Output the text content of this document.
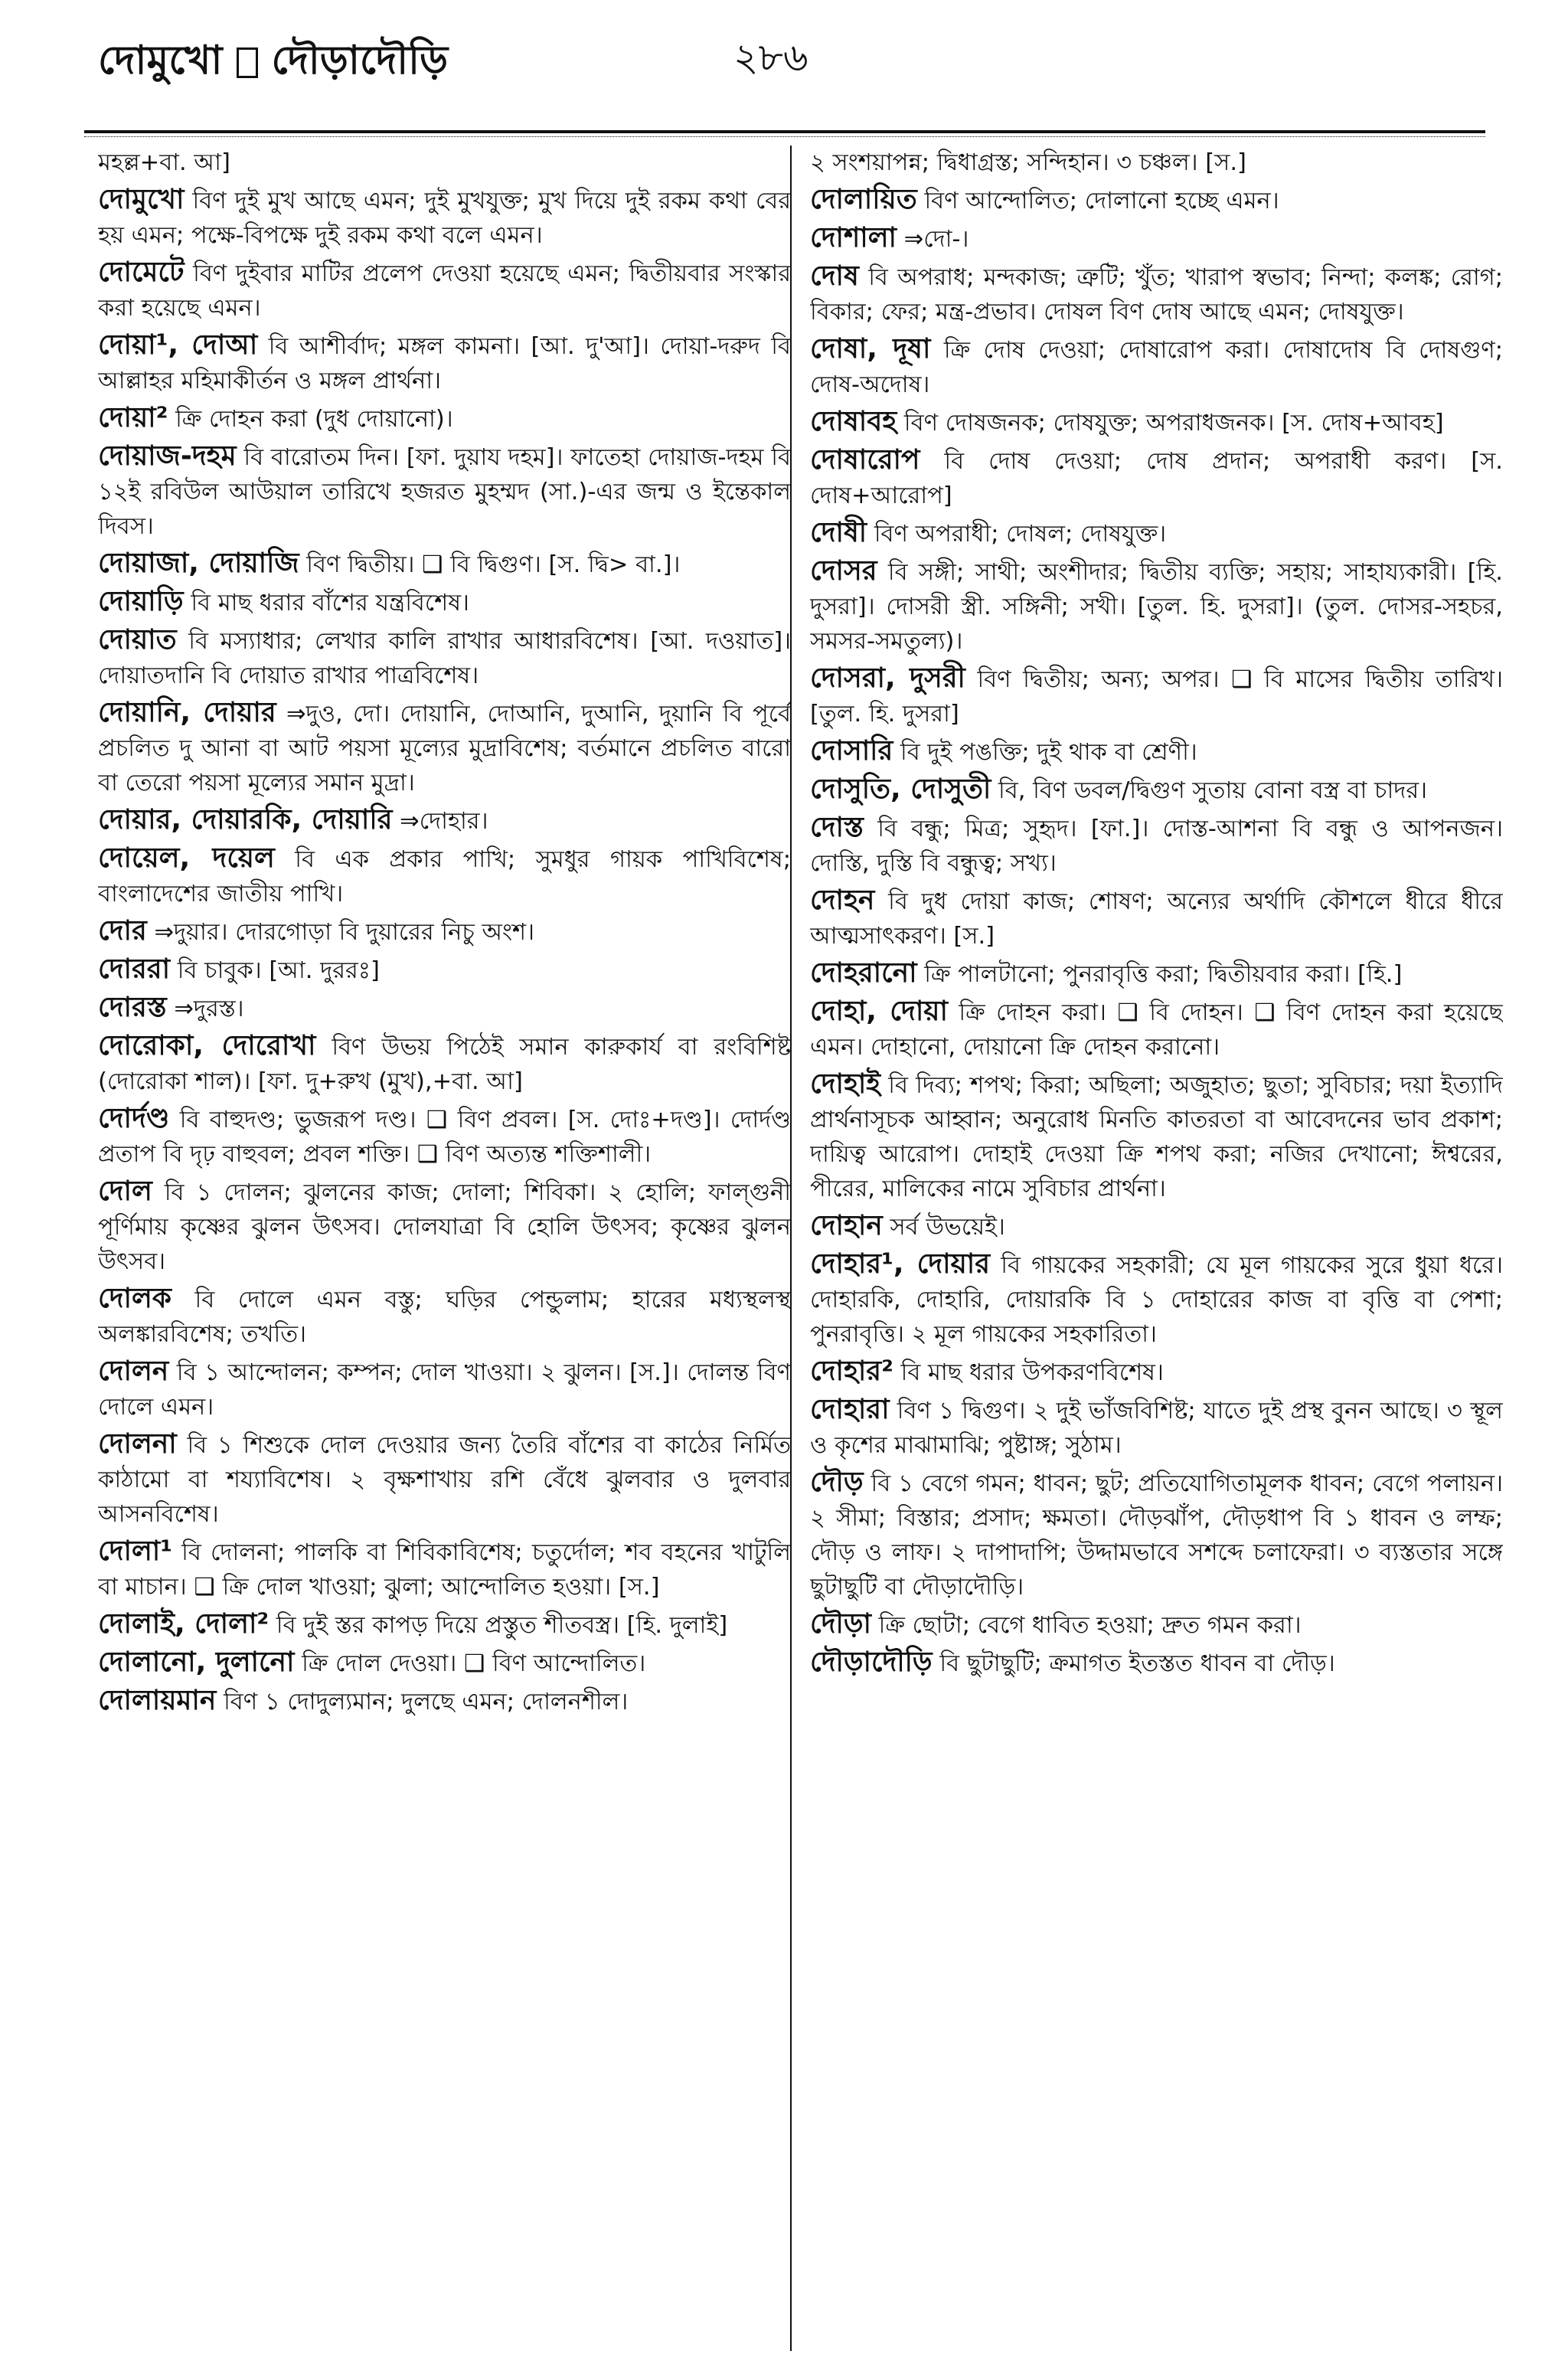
দোমুখো দৌড়াদৌড়ি	২৮৬
মহল্ল+বা. আ]
দোমুখো বিণ দুই মুখ আছে এমন; দুই মুখযুক্ত; মুখ দিয়ে দুই রকম কথা বের হয় এমন; পক্ষে-বিপক্ষে দুই রকম কথা বলে এমন।
দোমেটে বিণ দুইবার মাটির প্রলেপ দেওয়া হয়েছে এমন; দ্বিতীয়বার সংস্কার করা হয়েছে এমন।
দোয়া¹, দোআ বি আশীর্বাদ; মঙ্গল কামনা। [আ. দু'আ]। দোয়া-দরুদ বি আল্লাহর মহিমাকীর্তন ও মঙ্গল প্রার্থনা।
দোয়া² ক্রি দোহন করা (দুধ দোয়ানো)।
দোয়াজ-দহম বি বারোতম দিন। [ফা. দুয়ায দহম]। ফাতেহা দোয়াজ-দহম বি ১২ই রবিউল আউয়াল তারিখে হজরত মুহম্মদ (সা.)-এর জন্ম ও ইন্তেকাল দিবস।
দোয়াজা, দোয়াজি বিণ দ্বিতীয়। ❑ বি দ্বিগুণ। [স. দ্বি> বা.]।
দোয়াড়ি বি মাছ ধরার বাঁশের যন্ত্রবিশেষ।
দোয়াত বি মস্যাধার; লেখার কালি রাখার আধারবিশেষ। [আ. দওয়াত]। দোয়াতদানি বি দোয়াত রাখার পাত্রবিশেষ।
দোয়ানি, দোয়ার ⇒দুও, দো। দোয়ানি, দোআনি, দুআনি, দুয়ানি বি পূর্বে প্রচলিত দু আনা বা আট পয়সা মূল্যের মুদ্রাবিশেষ; বর্তমানে প্রচলিত বারো বা তেরো পয়সা মূল্যের সমান মুদ্রা।
দোয়ার, দোয়ারকি, দোয়ারি ⇒দোহার।
দোয়েল, দয়েল বি এক প্রকার পাখি; সুমধুর গায়ক পাখিবিশেষ; বাংলাদেশের জাতীয় পাখি।
দোর ⇒দুয়ার। দোরগোড়া বি দুয়ারের নিচু অংশ।
দোররা বি চাবুক। [আ. দুররঃ]
দোরস্ত ⇒দুরস্ত।
দোরোকা, দোরোখা বিণ উভয় পিঠেই সমান কারুকার্য বা রংবিশিষ্ট (দোরোকা শাল)। [ফা. দু+রুখ (মুখ),+বা. আ]
দোর্দণ্ড বি বাহুদণ্ড; ভুজরূপ দণ্ড। ❑ বিণ প্রবল। [স. দোঃ+দণ্ড]। দোর্দণ্ড প্রতাপ বি দৃঢ় বাহুবল; প্রবল শক্তি। ❑ বিণ অত্যন্ত শক্তিশালী।
দোল বি ১ দোলন; ঝুলনের কাজ; দোলা; শিবিকা। ২ হোলি; ফাল্গুনী পূর্ণিমায় কৃষ্ণের ঝুলন উৎসব। দোলযাত্রা বি হোলি উৎসব; কৃষ্ণের ঝুলন উৎসব।
দোলক বি দোলে এমন বস্তু; ঘড়ির পেন্ডুলাম; হারের মধ্যস্থলস্থ অলঙ্কারবিশেষ; তখতি।
দোলন বি ১ আন্দোলন; কম্পন; দোল খাওয়া। ২ ঝুলন। [স.]। দোলন্ত বিণ দোলে এমন।
দোলনা বি ১ শিশুকে দোল দেওয়ার জন্য তৈরি বাঁশের বা কাঠের নির্মিত কাঠামো বা শয্যাবিশেষ। ২ বৃক্ষশাখায় রশি বেঁধে ঝুলবার ও দুলবার আসনবিশেষ।
দোলা¹ বি দোলনা; পালকি বা শিবিকাবিশেষ; চতুর্দোল; শব বহনের খাটুলি বা মাচান। ❑ ক্রি দোল খাওয়া; ঝুলা; আন্দোলিত হওয়া। [স.]
দোলাই, দোলা² বি দুই স্তর কাপড় দিয়ে প্রস্তুত শীতবস্ত্র। [হি. দুলাই]
দোলানো, দুলানো ক্রি দোল দেওয়া। ❑ বিণ আন্দোলিত।
দোলায়মান বিণ ১ দোদুল্যমান; দুলছে এমন; দোলনশীল।
২ সংশয়াপন্ন; দ্বিধাগ্রস্ত; সন্দিহান। ৩ চঞ্চল। [স.]
দোলায়িত বিণ আন্দোলিত; দোলানো হচ্ছে এমন।
দোশালা ⇒দো-।
দোষ বি অপরাধ; মন্দকাজ; ত্রুটি; খুঁত; খারাপ স্বভাব; নিন্দা; কলঙ্ক; রোগ; বিকার; ফের; মন্ত্র-প্রভাব। দোষল বিণ দোষ আছে এমন; দোষযুক্ত।
দোষা, দূষা ক্রি দোষ দেওয়া; দোষারোপ করা। দোষাদোষ বি দোষগুণ; দোষ-অদোষ।
দোষাবহ বিণ দোষজনক; দোষযুক্ত; অপরাধজনক। [স. দোষ+আবহ]
দোষারোপ বি দোষ দেওয়া; দোষ প্রদান; অপরাধী করণ। [স. দোষ+আরোপ]
দোষী বিণ অপরাধী; দোষল; দোষযুক্ত।
দোসর বি সঙ্গী; সাথী; অংশীদার; দ্বিতীয় ব্যক্তি; সহায়; সাহায্যকারী। [হি. দুসরা]। দোসরী স্ত্রী. সঙ্গিনী; সখী। [তুল. হি. দুসরা]। (তুল. দোসর-সহচর, সমসর-সমতুল্য)।
দোসরা, দুসরী বিণ দ্বিতীয়; অন্য; অপর। ❑ বি মাসের দ্বিতীয় তারিখ। [তুল. হি. দুসরা]
দোসারি বি দুই পঙক্তি; দুই থাক বা শ্রেণী।
দোসুতি, দোসুতী বি, বিণ ডবল/দ্বিগুণ সুতায় বোনা বস্ত্র বা চাদর।
দোস্ত বি বন্ধু; মিত্র; সুহৃদ। [ফা.]। দোস্ত-আশনা বি বন্ধু ও আপনজন। দোস্তি, দুস্তি বি বন্ধুত্ব; সখ্য।
দোহন বি দুধ দোয়া কাজ; শোষণ; অন্যের অর্থাদি কৌশলে ধীরে ধীরে আত্মসাৎকরণ। [স.]
দোহরানো ক্রি পালটানো; পুনরাবৃত্তি করা; দ্বিতীয়বার করা। [হি.]
দোহা, দোয়া ক্রি দোহন করা। ❑ বি দোহন। ❑ বিণ দোহন করা হয়েছে এমন। দোহানো, দোয়ানো ক্রি দোহন করানো।
দোহাই বি দিব্য; শপথ; কিরা; অছিলা; অজুহাত; ছুতা; সুবিচার; দয়া ইত্যাদি প্রার্থনাসূচক আহ্বান; অনুরোধ মিনতি কাতরতা বা আবেদনের ভাব প্রকাশ; দায়িত্ব আরোপ। দোহাই দেওয়া ক্রি শপথ করা; নজির দেখানো; ঈশ্বরের, পীরের, মালিকের নামে সুবিচার প্রার্থনা।
দোহান সর্ব উভয়েই।
দোহার¹, দোয়ার বি গায়কের সহকারী; যে মূল গায়কের সুরে ধুয়া ধরে। দোহারকি, দোহারি, দোয়ারকি বি ১ দোহারের কাজ বা বৃত্তি বা পেশা; পুনরাবৃত্তি। ২ মূল গায়কের সহকারিতা।
দোহার² বি মাছ ধরার উপকরণবিশেষ।
দোহারা বিণ ১ দ্বিগুণ। ২ দুই ভাঁজবিশিষ্ট; যাতে দুই প্রস্থ বুনন আছে। ৩ স্থূল ও কৃশের মাঝামাঝি; পুষ্টাঙ্গ; সুঠাম।
দৌড় বি ১ বেগে গমন; ধাবন; ছুট; প্রতিযোগিতামূলক ধাবন; বেগে পলায়ন। ২ সীমা; বিস্তার; প্রসাদ; ক্ষমতা। দৌড়ঝাঁপ, দৌড়ধাপ বি ১ ধাবন ও লম্ফ; দৌড় ও লাফ। ২ দাপাদাপি; উদ্দামভাবে সশব্দে চলাফেরা। ৩ ব্যস্ততার সঙ্গে ছুটাছুটি বা দৌড়াদৌড়ি।
দৌড়া ক্রি ছোটা; বেগে ধাবিত হওয়া; দ্রুত গমন করা।
দৌড়াদৌড়ি বি ছুটাছুটি; ক্রমাগত ইতস্তত ধাবন বা দৌড়।
